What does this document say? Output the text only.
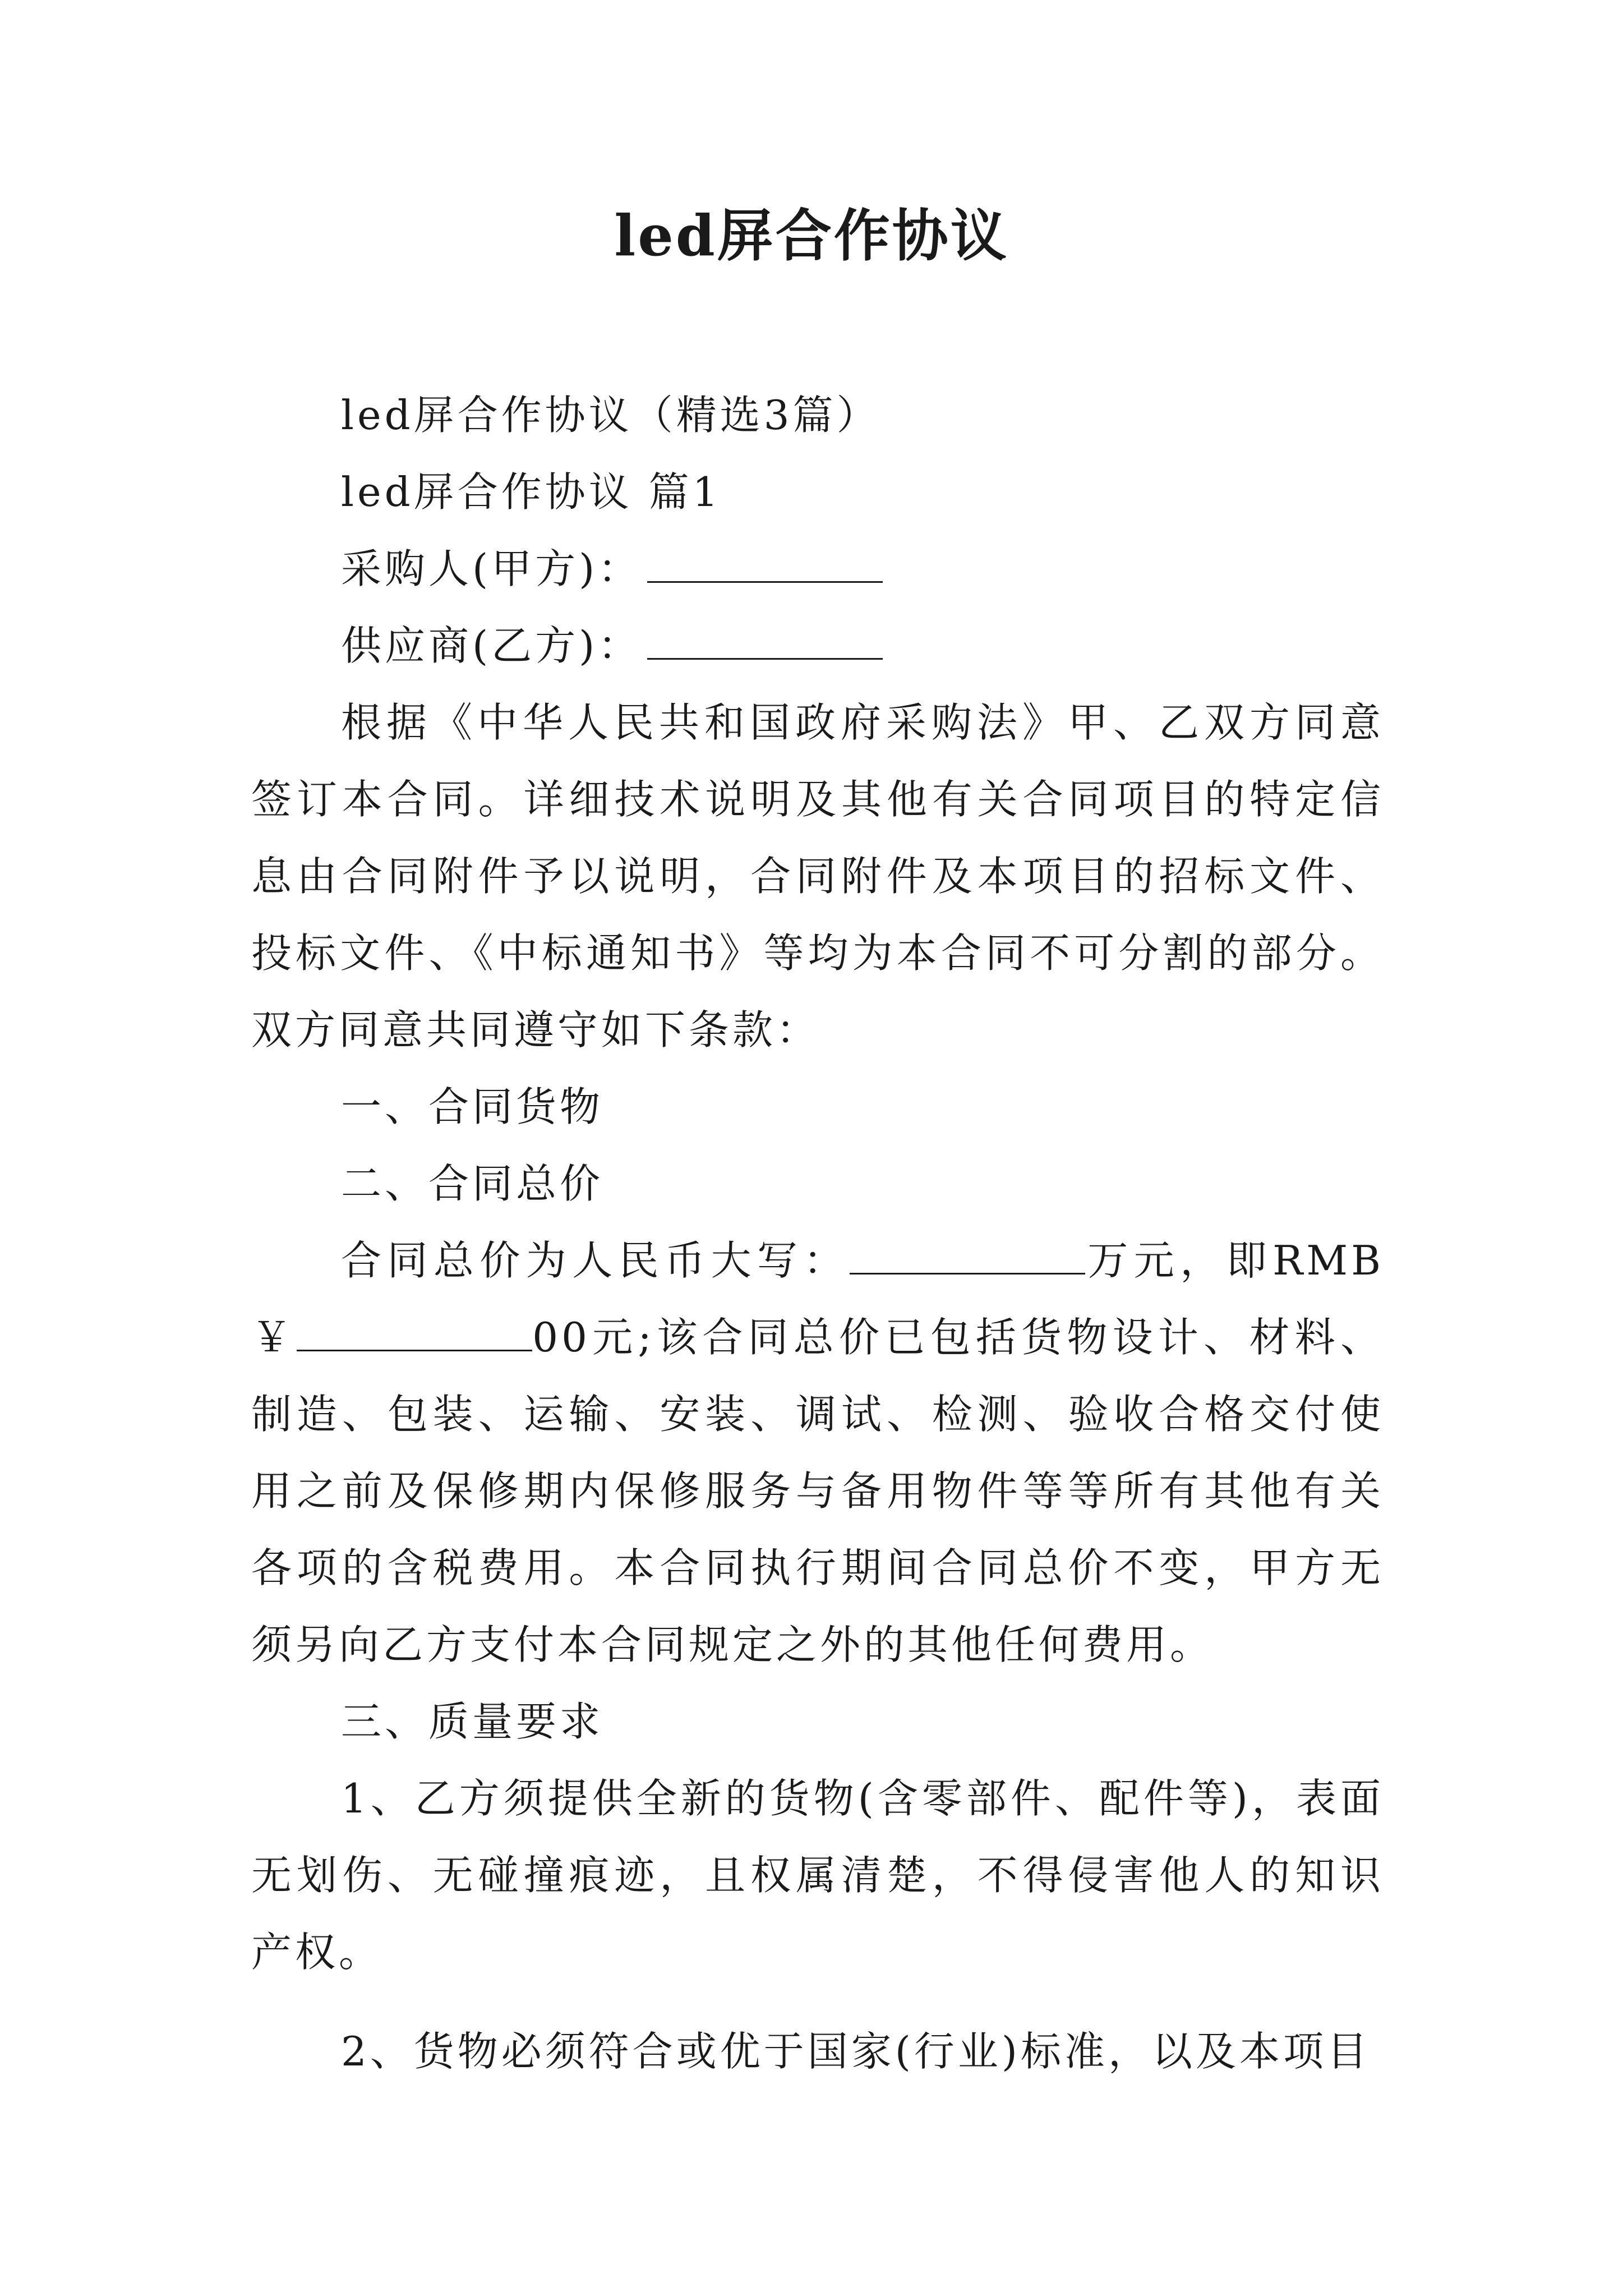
led屏合作协议

led屏合作协议（精选3篇）

led屏合作协议 篇1

采购人(甲方)：

供应商(乙方)：

根据《中华人民共和国政府采购法》甲、乙双方同意签订本合同。详细技术说明及其他有关合同项目的特定信息由合同附件予以说明，合同附件及本项目的招标文件、投标文件、《中标通知书》等均为本合同不可分割的部分。双方同意共同遵守如下条款：

一、合同货物

二、合同总价

合同总价为人民币大写：	万元，即RMB ￥	00元;该合同总价已包括货物设计、材料、制造、包装、运输、安装、调试、检测、验收合格交付使用之前及保修期内保修服务与备用物件等等所有其他有关各项的含税费用。本合同执行期间合同总价不变，甲方无须另向乙方支付本合同规定之外的其他任何费用。

三、质量要求

1、乙方须提供全新的货物(含零部件、配件等)，表面无划伤、无碰撞痕迹，且权属清楚，不得侵害他人的知识产权。

2、货物必须符合或优于国家(行业)标准，以及本项目
